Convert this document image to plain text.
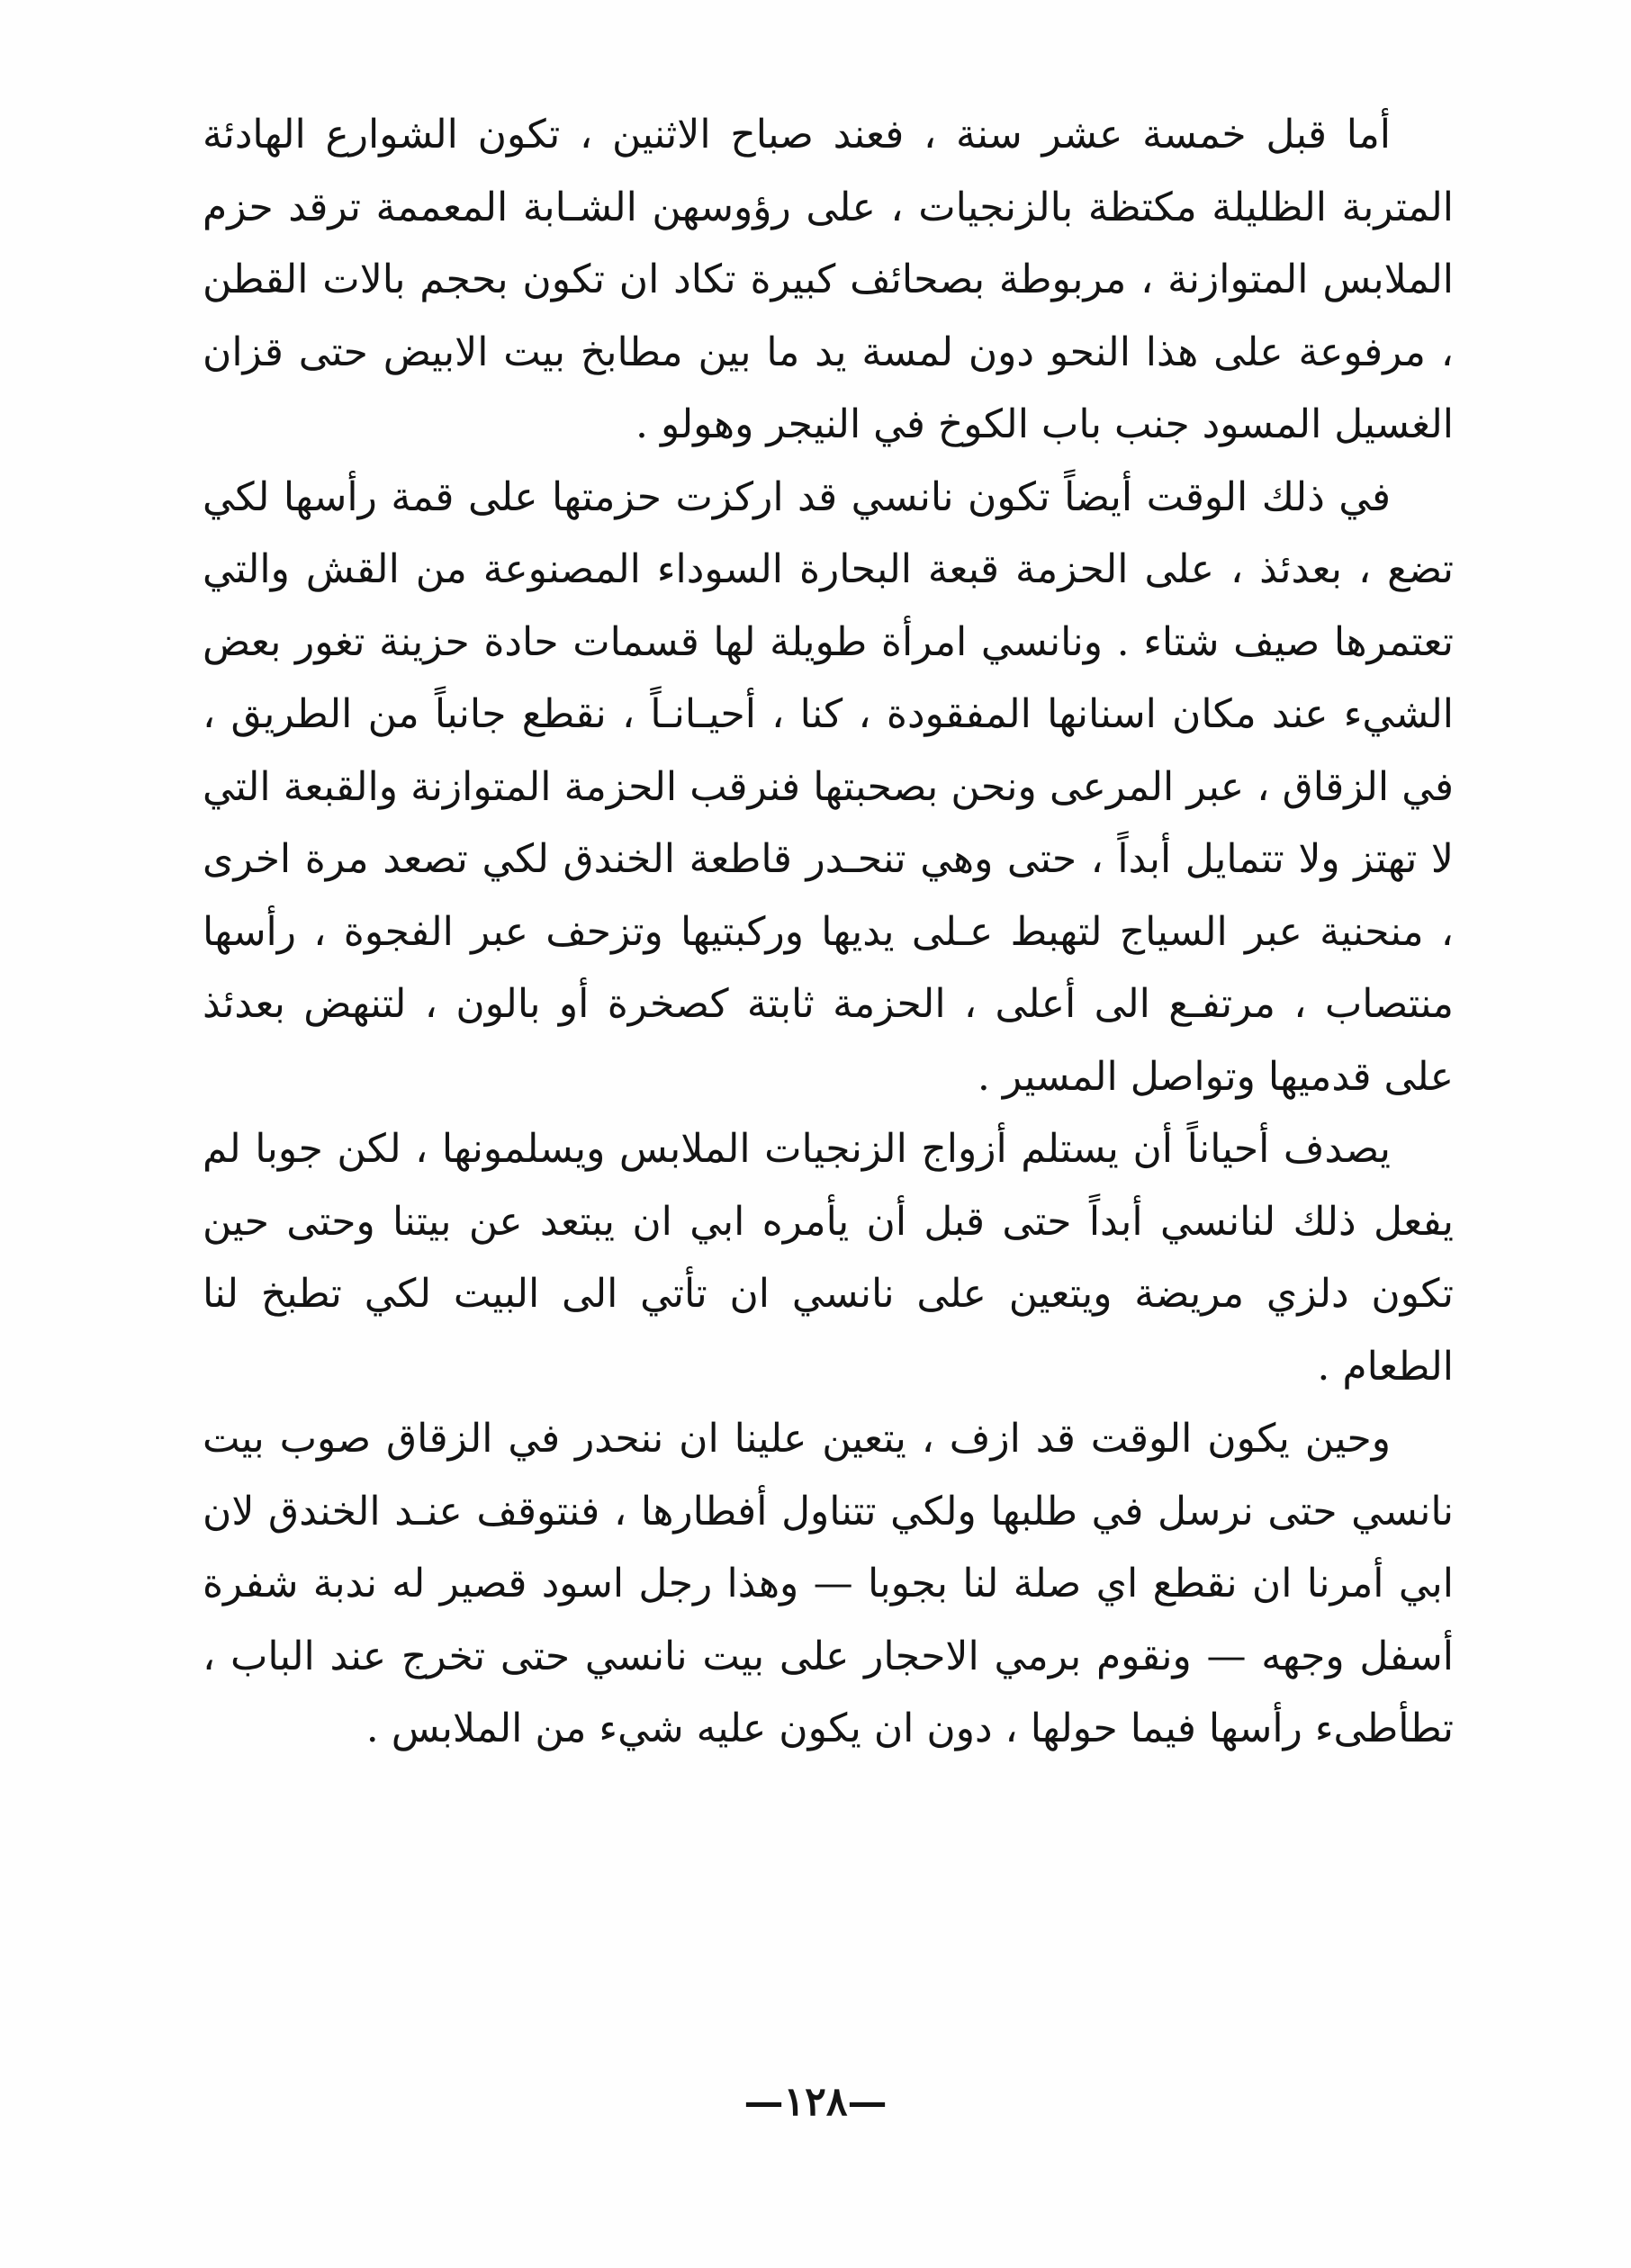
أما قبل خمسة عشر سنة ، فعند صباح الاثنين ، تكون الشوارع الهادئة المتربة الظليلة مكتظة بالزنجيات ، على رؤوسهن الشـابة المعممة ترقد حزم الملابس المتوازنة ، مربوطة بصحائف كبيرة تكاد ان تكون بحجم بالات القطن ، مرفوعة على هذا النحو دون لمسة يد ما بين مطابخ بيت الابيض حتى قزان الغسيل المسود جنب باب الكوخ في النيجر وهولو .

في ذلك الوقت أيضاً تكون نانسي قد اركزت حزمتها على قمة رأسها لكي تضع ، بعدئذ ، على الحزمة قبعة البحارة السوداء المصنوعة من القش والتي تعتمرها صيف شتاء . ونانسي امرأة طويلة لها قسمات حادة حزينة تغور بعض الشيء عند مكان اسنانها المفقودة ، كنا ، أحيـانـاً ، نقطع جانباً من الطريق ، في الزقاق ، عبر المرعى ونحن بصحبتها فنرقب الحزمة المتوازنة والقبعة التي لا تهتز ولا تتمايل أبداً ، حتى وهي تنحـدر قاطعة الخندق لكي تصعد مرة اخرى ، منحنية عبر السياج لتهبط عـلى يديها وركبتيها وتزحف عبر الفجوة ، رأسها منتصاب ، مرتفـع الى أعلى ، الحزمة ثابتة كصخرة أو بالون ، لتنهض بعدئذ على قدميها وتواصل المسير .

يصدف أحياناً أن يستلم أزواج الزنجيات الملابس ويسلمونها ، لكن جوبا لم يفعل ذلك لنانسي أبداً حتى قبل أن يأمره ابي ان يبتعد عن بيتنا وحتى حين تكون دلزي مريضة ويتعين على نانسي ان تأتي الى البيت لكي تطبخ لنا الطعام .

وحين يكون الوقت قد ازف ، يتعين علينا ان ننحدر في الزقاق صوب بيت نانسي حتى نرسل في طلبها ولكي تتناول أفطارها ، فنتوقف عنـد الخندق لان ابي أمرنا ان نقطع اي صلة لنا بجوبا — وهذا رجل اسود قصير له ندبة شفرة أسفل وجهه — ونقوم برمي الاحجار على بيت نانسي حتى تخرج عند الباب ، تطأطىء رأسها فيما حولها ، دون ان يكون عليه شيء من الملابس .

—١٢٨—
